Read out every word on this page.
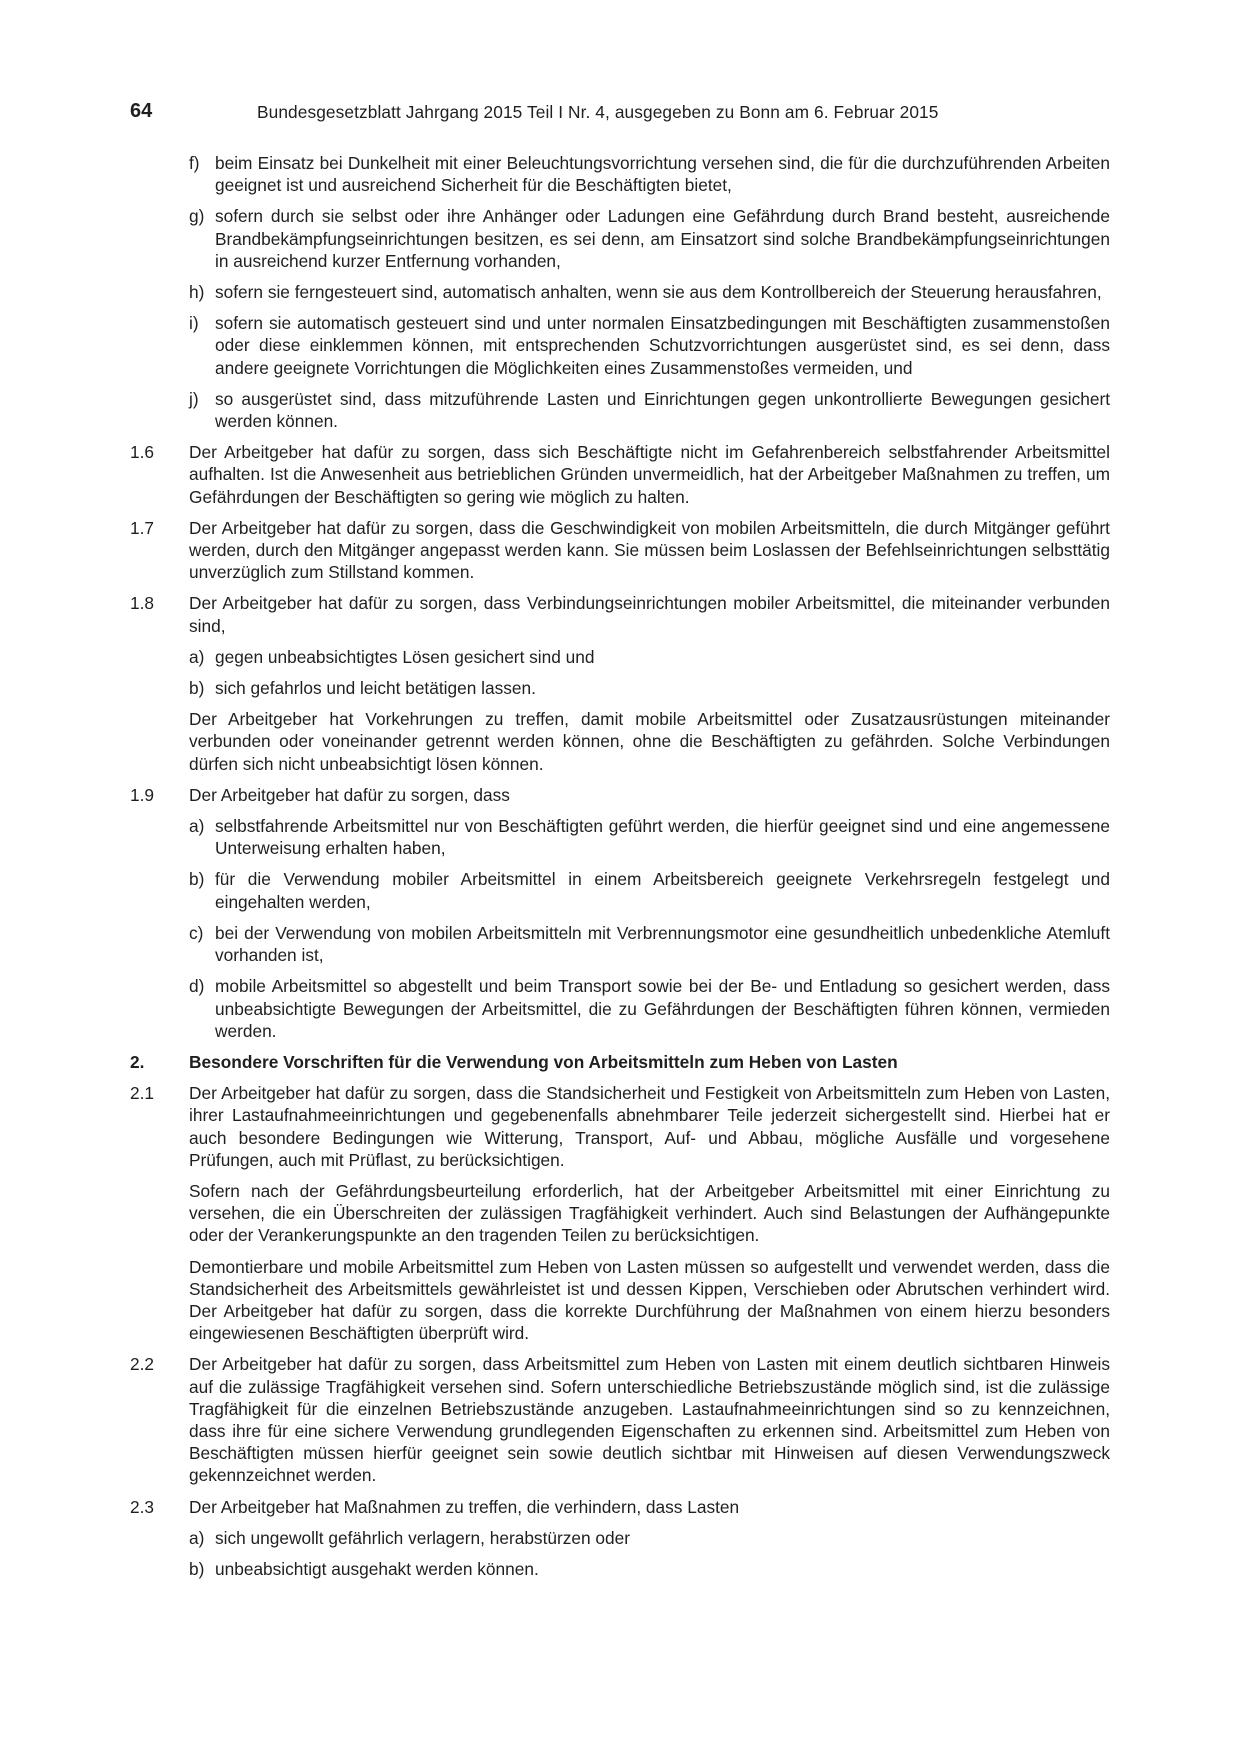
64	Bundesgesetzblatt Jahrgang 2015 Teil I Nr. 4, ausgegeben zu Bonn am 6. Februar 2015
f) beim Einsatz bei Dunkelheit mit einer Beleuchtungsvorrichtung versehen sind, die für die durchzuführenden Arbeiten geeignet ist und ausreichend Sicherheit für die Beschäftigten bietet,

g) sofern durch sie selbst oder ihre Anhänger oder Ladungen eine Gefährdung durch Brand besteht, ausreichende Brandbekämpfungseinrichtungen besitzen, es sei denn, am Einsatzort sind solche Brandbekämpfungseinrichtungen in ausreichend kurzer Entfernung vorhanden,

h) sofern sie ferngesteuert sind, automatisch anhalten, wenn sie aus dem Kontrollbereich der Steuerung herausfahren,

i) sofern sie automatisch gesteuert sind und unter normalen Einsatzbedingungen mit Beschäftigten zusammenstoßen oder diese einklemmen können, mit entsprechenden Schutzvorrichtungen ausgerüstet sind, es sei denn, dass andere geeignete Vorrichtungen die Möglichkeiten eines Zusammenstoßes vermeiden, und

j) so ausgerüstet sind, dass mitzuführende Lasten und Einrichtungen gegen unkontrollierte Bewegungen gesichert werden können.

1.6 Der Arbeitgeber hat dafür zu sorgen, dass sich Beschäftigte nicht im Gefahrenbereich selbstfahrender Arbeitsmittel aufhalten. Ist die Anwesenheit aus betrieblichen Gründen unvermeidlich, hat der Arbeitgeber Maßnahmen zu treffen, um Gefährdungen der Beschäftigten so gering wie möglich zu halten.

1.7 Der Arbeitgeber hat dafür zu sorgen, dass die Geschwindigkeit von mobilen Arbeitsmitteln, die durch Mitgänger geführt werden, durch den Mitgänger angepasst werden kann. Sie müssen beim Loslassen der Befehlseinrichtungen selbsttätig unverzüglich zum Stillstand kommen.

1.8 Der Arbeitgeber hat dafür zu sorgen, dass Verbindungseinrichtungen mobiler Arbeitsmittel, die miteinander verbunden sind,

a) gegen unbeabsichtigtes Lösen gesichert sind und

b) sich gefahrlos und leicht betätigen lassen.

Der Arbeitgeber hat Vorkehrungen zu treffen, damit mobile Arbeitsmittel oder Zusatzausrüstungen miteinander verbunden oder voneinander getrennt werden können, ohne die Beschäftigten zu gefährden. Solche Verbindungen dürfen sich nicht unbeabsichtigt lösen können.

1.9 Der Arbeitgeber hat dafür zu sorgen, dass

a) selbstfahrende Arbeitsmittel nur von Beschäftigten geführt werden, die hierfür geeignet sind und eine angemessene Unterweisung erhalten haben,

b) für die Verwendung mobiler Arbeitsmittel in einem Arbeitsbereich geeignete Verkehrsregeln festgelegt und eingehalten werden,

c) bei der Verwendung von mobilen Arbeitsmitteln mit Verbrennungsmotor eine gesundheitlich unbedenkliche Atemluft vorhanden ist,

d) mobile Arbeitsmittel so abgestellt und beim Transport sowie bei der Be- und Entladung so gesichert werden, dass unbeabsichtigte Bewegungen der Arbeitsmittel, die zu Gefährdungen der Beschäftigten führen können, vermieden werden.

2.	Besondere Vorschriften für die Verwendung von Arbeitsmitteln zum Heben von Lasten

2.1 Der Arbeitgeber hat dafür zu sorgen, dass die Standsicherheit und Festigkeit von Arbeitsmitteln zum Heben von Lasten, ihrer Lastaufnahmeeinrichtungen und gegebenenfalls abnehmbarer Teile jederzeit sichergestellt sind. Hierbei hat er auch besondere Bedingungen wie Witterung, Transport, Auf- und Abbau, mögliche Ausfälle und vorgesehene Prüfungen, auch mit Prüflast, zu berücksichtigen.

Sofern nach der Gefährdungsbeurteilung erforderlich, hat der Arbeitgeber Arbeitsmittel mit einer Einrichtung zu versehen, die ein Überschreiten der zulässigen Tragfähigkeit verhindert. Auch sind Belastungen der Aufhängepunkte oder der Verankerungspunkte an den tragenden Teilen zu berücksichtigen.

Demontierbare und mobile Arbeitsmittel zum Heben von Lasten müssen so aufgestellt und verwendet werden, dass die Standsicherheit des Arbeitsmittels gewährleistet ist und dessen Kippen, Verschieben oder Abrutschen verhindert wird. Der Arbeitgeber hat dafür zu sorgen, dass die korrekte Durchführung der Maßnahmen von einem hierzu besonders eingewiesenen Beschäftigten überprüft wird.

2.2 Der Arbeitgeber hat dafür zu sorgen, dass Arbeitsmittel zum Heben von Lasten mit einem deutlich sichtbaren Hinweis auf die zulässige Tragfähigkeit versehen sind. Sofern unterschiedliche Betriebszustände möglich sind, ist die zulässige Tragfähigkeit für die einzelnen Betriebszustände anzugeben. Lastaufnahmeeinrichtungen sind so zu kennzeichnen, dass ihre für eine sichere Verwendung grundlegenden Eigenschaften zu erkennen sind. Arbeitsmittel zum Heben von Beschäftigten müssen hierfür geeignet sein sowie deutlich sichtbar mit Hinweisen auf diesen Verwendungszweck gekennzeichnet werden.

2.3 Der Arbeitgeber hat Maßnahmen zu treffen, die verhindern, dass Lasten

a) sich ungewollt gefährlich verlagern, herabstürzen oder

b) unbeabsichtigt ausgehakt werden können.
